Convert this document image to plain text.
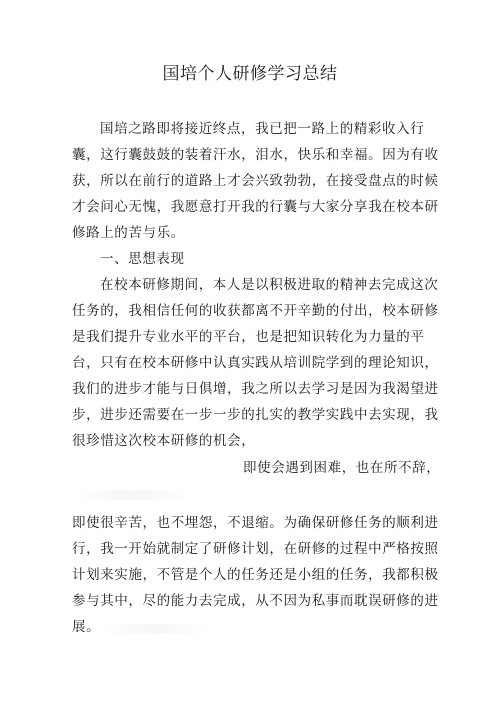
国培个人研修学习总结
国培之路即将接近终点，我已把一路上的精彩收入行
囊，这行囊鼓鼓的装着汗水，泪水，快乐和幸福。因为有收
获，所以在前行的道路上才会兴致勃勃，在接受盘点的时候
才会问心无愧，我愿意打开我的行囊与大家分享我在校本研
修路上的苦与乐。
一、思想表现
在校本研修期间，本人是以积极进取的精神去完成这次
任务的，我相信任何的收获都离不开辛勤的付出，校本研修
是我们提升专业水平的平台，也是把知识转化为力量的平
台，只有在校本研修中认真实践从培训院学到的理论知识，
我们的进步才能与日俱增，我之所以去学习是因为我渴望进
步，进步还需要在一步一步的扎实的教学实践中去实现，我
很珍惜这次校本研修的机会，
即使会遇到困难，也在所不辞，
即使很辛苦，也不埋怨，不退缩。为确保研修任务的顺利进
行，我一开始就制定了研修计划，在研修的过程中严格按照
计划来实施，不管是个人的任务还是小组的任务，我都积极
参与其中，尽的能力去完成，从不因为私事而耽误研修的进
展。
